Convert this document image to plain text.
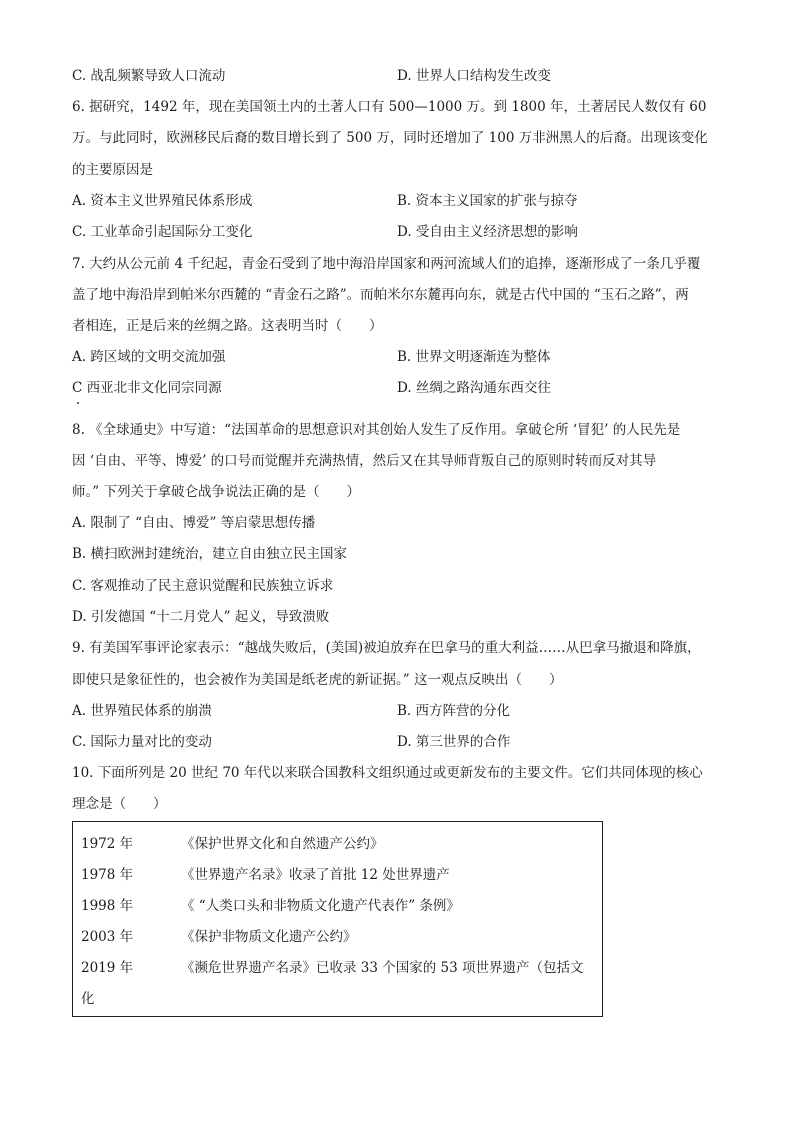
C. 战乱频繁导致人口流动	D. 世界人口结构发生改变
6. 据研究，1492 年，现在美国领土内的土著人口有 500—1000 万。到 1800 年，土著居民人数仅有 60
万。与此同时，欧洲移民后裔的数目增长到了 500 万，同时还增加了 100 万非洲黑人的后裔。出现该变化
的主要原因是
A. 资本主义世界殖民体系形成	B. 资本主义国家的扩张与掠夺
C. 工业革命引起国际分工变化	D. 受自由主义经济思想的影响
7. 大约从公元前 4 千纪起，青金石受到了地中海沿岸国家和两河流域人们的追捧，逐渐形成了一条几乎覆
盖了地中海沿岸到帕米尔西麓的 “青金石之路”。而帕米尔东麓再向东，就是古代中国的 “玉石之路”，两
者相连，正是后来的丝绸之路。这表明当时（　　）
A. 跨区域的文明交流加强	B. 世界文明逐渐连为整体
C 西亚北非文化同宗同源	D. 丝绸之路沟通东西交往
8. 《全球通史》中写道：“法国革命的思想意识对其创始人发生了反作用。拿破仑所 ‘冒犯’ 的人民先是
因 ‘自由、平等、博爱’ 的口号而觉醒并充满热情，然后又在其导师背叛自己的原则时转而反对其导
师。” 下列关于拿破仑战争说法正确的是（　　）
A. 限制了 “自由、博爱” 等启蒙思想传播
B. 横扫欧洲封建统治，建立自由独立民主国家
C. 客观推动了民主意识觉醒和民族独立诉求
D. 引发德国 “十二月党人” 起义，导致溃败
9. 有美国军事评论家表示：“越战失败后，(美国)被迫放弃在巴拿马的重大利益……从巴拿马撤退和降旗，
即使只是象征性的，也会被作为美国是纸老虎的新证据。” 这一观点反映出（　　）
A. 世界殖民体系的崩溃	B. 西方阵营的分化
C. 国际力量对比的变动	D. 第三世界的合作
10. 下面所列是 20 世纪 70 年代以来联合国教科文组织通过或更新发布的主要文件。它们共同体现的核心
理念是（　　）
1972 年	《保护世界文化和自然遗产公约》
1978 年	《世界遗产名录》收录了首批 12 处世界遗产
1998 年	《 “人类口头和非物质文化遗产代表作” 条例》
2003 年	《保护非物质文化遗产公约》
2019 年	《濒危世界遗产名录》已收录 33 个国家的 53 项世界遗产（包括文
化
